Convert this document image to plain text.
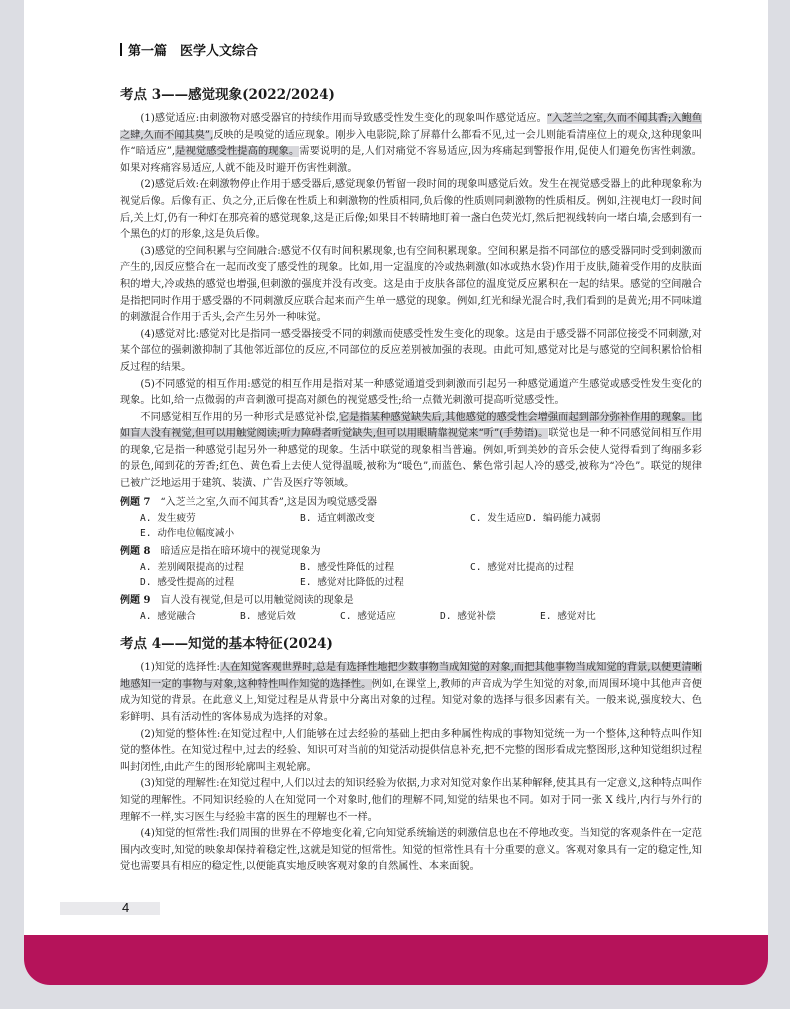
第一篇　医学人文综合
考点 3——感觉现象(2022/2024)

(1)感觉适应:由刺激物对感受器官的持续作用而导致感受性发生变化的现象叫作感觉适应。“入芝兰之室,久而不闻其香;入鲍鱼之肆,久而不闻其臭”,反映的是嗅觉的适应现象。刚步入电影院,除了屏幕什么都看不见,过一会儿则能看清座位上的观众,这种现象叫作“暗适应”,是视觉感受性提高的现象。需要说明的是,人们对痛觉不容易适应,因为疼痛起到警报作用,促使人们避免伤害性刺激。如果对疼痛容易适应,人就不能及时避开伤害性刺激。

(2)感觉后效:在刺激物停止作用于感受器后,感觉现象仍暂留一段时间的现象叫感觉后效。发生在视觉感受器上的此种现象称为视觉后像。后像有正、负之分,正后像在性质上和刺激物的性质相同,负后像的性质则同刺激物的性质相反。例如,注视电灯一段时间后,关上灯,仍有一种灯在那亮着的感觉现象,这是正后像;如果目不转睛地盯着一盏白色荧光灯,然后把视线转向一堵白墙,会感到有一个黑色的灯的形象,这是负后像。

(3)感觉的空间积累与空间融合:感觉不仅有时间积累现象,也有空间积累现象。空间积累是指不同部位的感受器同时受到刺激而产生的,因反应整合在一起而改变了感受性的现象。比如,用一定温度的冷或热刺激(如冰或热水袋)作用于皮肤,随着受作用的皮肤面积的增大,冷或热的感觉也增强,但刺激的强度并没有改变。这是由于皮肤各部位的温度觉反应累积在一起的结果。感觉的空间融合是指把同时作用于感受器的不同刺激反应联合起来而产生单一感觉的现象。例如,红光和绿光混合时,我们看到的是黄光;用不同味道的刺激混合作用于舌头,会产生另外一种味觉。

(4)感觉对比:感觉对比是指同一感受器接受不同的刺激而使感受性发生变化的现象。这是由于感受器不同部位接受不同刺激,对某个部位的强刺激抑制了其他邻近部位的反应,不同部位的反应差别被加强的表现。由此可知,感觉对比是与感觉的空间积累恰恰相反过程的结果。

(5)不同感觉的相互作用:感觉的相互作用是指对某一种感觉通道受到刺激而引起另一种感觉通道产生感觉或感受性发生变化的现象。比如,给一点微弱的声音刺激可提高对颜色的视觉感受性;给一点微光刺激可提高听觉感受性。

不同感觉相互作用的另一种形式是感觉补偿,它是指某种感觉缺失后,其他感觉的感受性会增强而起到部分弥补作用的现象。比如盲人没有视觉,但可以用触觉阅读;听力障碍者听觉缺失,但可以用眼睛靠视觉来“听”(手势语)。联觉也是一种不同感觉间相互作用的现象,它是指一种感觉引起另外一种感觉的现象。生活中联觉的现象相当普遍。例如,听到美妙的音乐会使人觉得看到了绚丽多彩的景色,闻到花的芳香;红色、黄色看上去使人觉得温暖,被称为“暖色”,而蓝色、紫色常引起人冷的感受,被称为“冷色”。联觉的规律已被广泛地运用于建筑、装潢、广告及医疗等领域。

例题 7　 “入芝兰之室,久而不闻其香”,这是因为嗅觉感受器
A. 发生疲劳	B. 适宜刺激改变	C. 发生适应 D. 编码能力减弱
E. 动作电位幅度减小
例题 8　 暗适应是指在暗环境中的视觉现象为
A. 差别阈限提高的过程	B. 感受性降低的过程	C. 感觉对比提高的过程
D. 感受性提高的过程	E. 感觉对比降低的过程
例题 9　 盲人没有视觉,但是可以用触觉阅读的现象是
A. 感觉融合	B. 感觉后效	C. 感觉适应	D. 感觉补偿	E. 感觉对比
考点 4——知觉的基本特征(2024)

(1)知觉的选择性:人在知觉客观世界时,总是有选择性地把少数事物当成知觉的对象,而把其他事物当成知觉的背景,以便更清晰地感知一定的事物与对象,这种特性叫作知觉的选择性。例如,在课堂上,教师的声音成为学生知觉的对象,而周围环境中其他声音便成为知觉的背景。在此意义上,知觉过程是从背景中分离出对象的过程。知觉对象的选择与很多因素有关。一般来说,强度较大、色彩鲜明、具有活动性的客体易成为选择的对象。

(2)知觉的整体性:在知觉过程中,人们能够在过去经验的基础上把由多种属性构成的事物知觉统一为一个整体,这种特点叫作知觉的整体性。在知觉过程中,过去的经验、知识可对当前的知觉活动提供信息补充,把不完整的图形看成完整图形,这种知觉组织过程叫封闭性,由此产生的图形轮廓叫主观轮廓。

(3)知觉的理解性:在知觉过程中,人们以过去的知识经验为依据,力求对知觉对象作出某种解释,使其具有一定意义,这种特点叫作知觉的理解性。不同知识经验的人在知觉同一个对象时,他们的理解不同,知觉的结果也不同。如对于同一张 X 线片,内行与外行的理解不一样,实习医生与经验丰富的医生的理解也不一样。

(4)知觉的恒常性:我们周围的世界在不停地变化着,它向知觉系统输送的刺激信息也在不停地改变。当知觉的客观条件在一定范围内改变时,知觉的映象却保持着稳定性,这就是知觉的恒常性。知觉的恒常性具有十分重要的意义。客观对象具有一定的稳定性,知觉也需要具有相应的稳定性,以便能真实地反映客观对象的自然属性、本来面貌。

4
